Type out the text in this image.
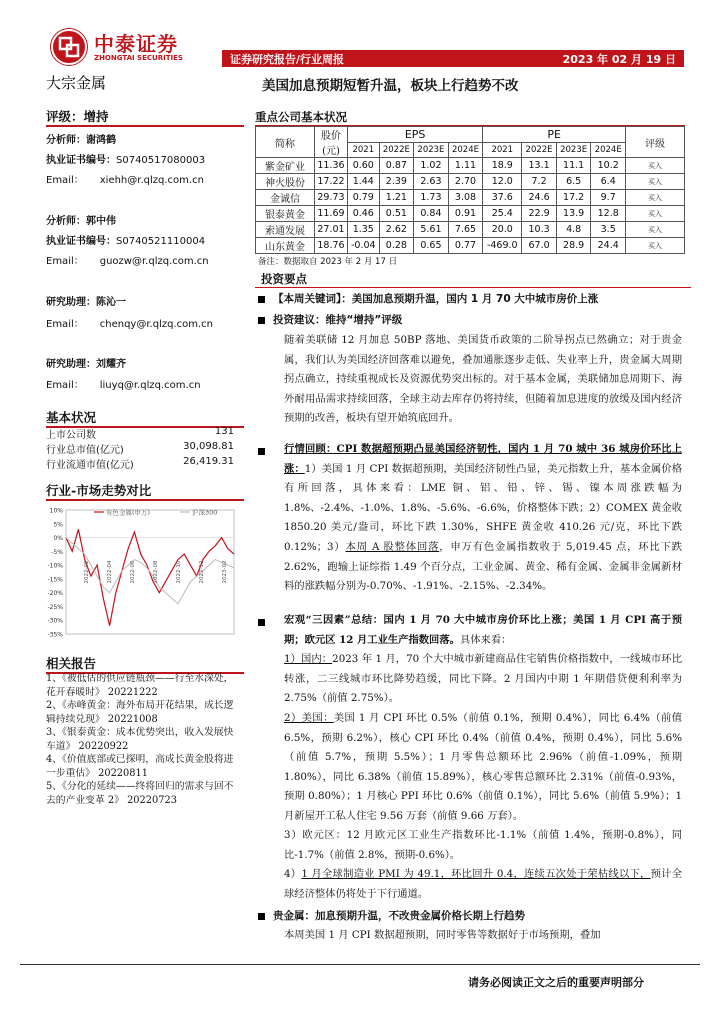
中泰证券
ZHONGTAI SECURITIES	证券研究报告/行业周报	2023 年 02 月 19 日
大宗金属	美国加息预期短暂升温，板块上行趋势不改
评级：增持
分析师：谢鸿鹤
执业证书编号：S0740517080003
Email： xiehh@r.qlzq.com.cn
分析师：郭中伟
执业证书编号：S0740521110004
Email： guozw@r.qlzq.com.cn
研究助理：陈沁一
Email： chenqy@r.qlzq.com.cn
研究助理：刘耀齐
Email： liuyq@r.qlzq.com.cn
基本状况
上市公司数	131
行业总市值(亿元)	30,098.81
行业流通市值(亿元)	26,419.31
行业-市场走势对比
10%
5%
0%
-5%
-10%
-15%
-20%
-25%
-30%
-35%
2022-02	2022-04	2022-06	2022-08	2022-10	2022-12	2023-02
有色金属(申万)	沪深300
相关报告
1、《被低估的供应链瓶颈——行至水深处，花开春暖时》 20221222
2、《赤峰黄金：海外布局开花结果，成长逻辑持续兑现》 20221008
3、《银泰黄金：成本优势突出，收入发展快车道》 20220922
4、《价值底部或已探明，高成长黄金股将进一步重估》 20220811
5、《分化的延续——终将回归的需求与回不去的产业变革 2》 20220723
重点公司基本状况
简称	股价	EPS				PE				评级
	(元)	2021	2022E	2023E	2024E	2021	2022E	2023E	2024E	
紫金矿业	11.36	0.60	0.87	1.02	1.11	18.9	13.1	11.1	10.2	买入
神火股份	17.22	1.44	2.39	2.63	2.70	12.0	7.2	6.5	6.4	买入
金诚信	29.73	0.79	1.21	1.73	3.08	37.6	24.6	17.2	9.7	买入
银泰黄金	11.69	0.46	0.51	0.84	0.91	25.4	22.9	13.9	12.8	买入
索通发展	27.01	1.35	2.62	5.61	7.65	20.0	10.3	4.8	3.5	买入
山东黄金	18.76	-0.04	0.28	0.65	0.77	-469.0	67.0	28.9	24.4	买入
备注：数据取自 2023 年 2 月 17 日
投资要点
【本周关键词】：美国加息预期升温，国内 1 月 70 大中城市房价上涨
投资建议：维持“增持”评级
随着美联储 12 月加息 50BP 落地、美国货币政策的二阶导拐点已然确立；对于贵金属，我们认为美国经济回落难以避免，叠加通胀逐步走低、失业率上升，贵金属大周期拐点确立，持续重视成长及资源优势突出标的。对于基本金属，美联储加息周期下、海外耐用品需求持续回落，全球主动去库存仍将持续，但随着加息进度的放缓及国内经济预期的改善，板块有望开始筑底回升。
行情回顾：CPI 数据超预期凸显美国经济韧性，国内 1 月 70 城中 36 城房价环比上涨：1）美国 1 月 CPI 数据超预期，美国经济韧性凸显，美元指数上升，基本金属价格有所回落，具体来看：LME 铜、铝、铅、锌、锡、镍本周涨跌幅为 1.8%、-2.4%、-1.0%、1.8%、-5.6%、-6.6%，价格整体下跌；2）COMEX 黄金收 1850.20 美元/盎司，环比下跌 1.30%，SHFE 黄金收 410.26 元/克，环比下跌 0.12%；3）本周 A 股整体回落，申万有色金属指数收于 5,019.45 点，环比下跌 2.62%，跑输上证综指 1.49 个百分点，工业金属、黄金、稀有金属、金属非金属新材料的涨跌幅分别为-0.70%、-1.91%、-2.15%、-2.34%。
宏观“三因素”总结：国内 1 月 70 大中城市房价环比上涨；美国 1 月 CPI 高于预期；欧元区 12 月工业生产指数回落。具体来看：
1）国内：2023 年 1 月，70 个大中城市新建商品住宅销售价格指数中，一线城市环比转涨，二三线城市环比降势趋缓，同比下降。2 月国内中期 1 年期借贷便利利率为 2.75%（前值 2.75%）。
2）美国：美国 1 月 CPI 环比 0.5%（前值 0.1%，预期 0.4%），同比 6.4%（前值 6.5%，预期 6.2%），核心 CPI 环比 0.4%（前值 0.4%，预期 0.4%），同比 5.6%（前值 5.7%，预期 5.5%）；1 月零售总额环比 2.96%（前值-1.09%，预期 1.80%），同比 6.38%（前值 15.89%），核心零售总额环比 2.31%（前值-0.93%，预期 0.80%）；1 月核心 PPI 环比 0.6%（前值 0.1%），同比 5.6%（前值 5.9%）；1 月新屋开工私人住宅 9.56 万套（前值 9.66 万套）。
3）欧元区：12 月欧元区工业生产指数环比-1.1%（前值 1.4%，预期-0.8%），同比-1.7%（前值 2.8%，预期-0.6%）。
4）1 月全球制造业 PMI 为 49.1，环比回升 0.4，连续五次处于荣枯线以下，预计全球经济整体仍将处于下行通道。
贵金属：加息预期升温，不改贵金属价格长期上行趋势
本周美国 1 月 CPI 数据超预期，同时零售等数据好于市场预期，叠加
请务必阅读正文之后的重要声明部分
